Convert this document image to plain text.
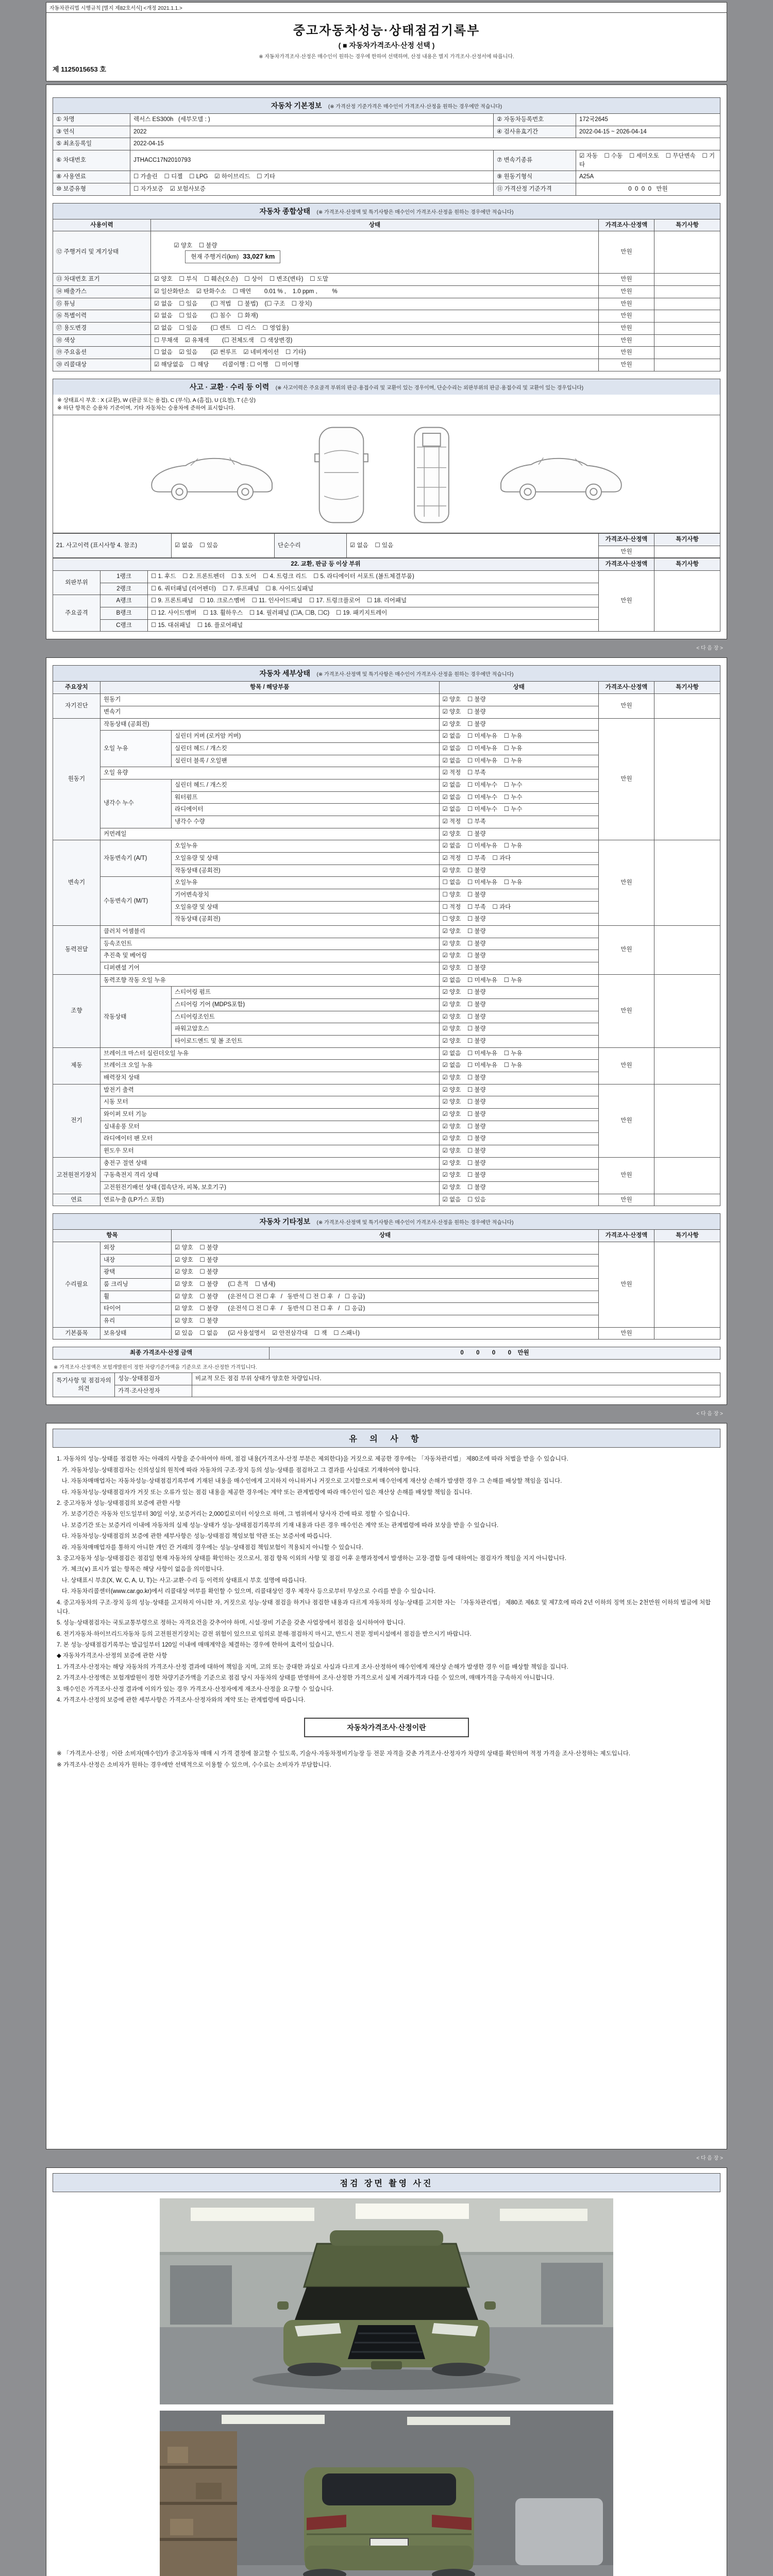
자동차관리법 시행규칙 [별지 제82호서식] <개정 2021.1.1.>
중고자동차성능·상태점검기록부
( ■ 자동차가격조사·산정 선택 )
※ 자동차가격조사·산정은 매수인이 원하는 경우에 한하여 선택하며, 산정 내용은 별지 가격조사·산정서에 따릅니다.
제 1125015653 호
자동차 기본정보 (※ 가격산정 기준가격은 매수인이 가격조사·산정을 원하는 경우에만 적습니다)
① 차명	렉서스 ES300h   (세부모델 : )	② 자동차등록번호	172국2645
③ 연식	2022	④ 검사유효기간	2022-04-15 ~ 2026-04-14
⑤ 최초등록일	2022-04-15		
⑥ 차대번호	JTHACC17N2010793	⑦ 변속기종류	☑ 자동    ☐ 수동    ☐ 세미오토    ☐ 무단변속    ☐ 기타
⑧ 사용연료	☐ 가솔린    ☐ 디젤    ☐ LPG    ☑ 하이브리드    ☐ 기타	⑨ 원동기형식	A25A
⑩ 보증유형	☐ 자가보증    ☑ 보험사보증	⑪ 가격산정 기준가격	0  0  0  0   만원
자동차 종합상태 (※ 가격조사·산정액 및 특기사항은 매수인이 가격조사·산정을 원하는 경우에만 적습니다)
사용이력	상태	가격조사·산정액	특기사항
⑫ 주행거리 및 계기상태	☑ 양호    ☐ 불량
현재 주행거리(km) 33,027 km	만원	
⑬ 차대번호 표기	☑ 양호    ☐ 부식    ☐ 훼손(오손)    ☐ 상이    ☐ 변조(변타)    ☐ 도말	만원	
⑭ 배출가스	☑ 일산화탄소    ☑ 탄화수소    ☐ 매연        0.01 % ,    1.0 ppm ,         %	만원	
⑮ 튜닝	☑ 없음    ☐ 있음        (☐ 적법    ☐ 불법)    (☐ 구조    ☐ 장치)	만원	
⑯ 특별이력	☑ 없음    ☐ 있음        (☐ 침수    ☐ 화재)	만원	
⑰ 용도변경	☑ 없음    ☐ 있음        (☐ 렌트    ☐ 리스    ☐ 영업용)	만원	
⑱ 색상	☐ 무채색    ☑ 유채색        (☐ 전체도색    ☐ 색상변경)	만원	
⑲ 주요옵션	☐ 없음    ☑ 있음        (☑ 썬루프    ☑ 네비게이션    ☐ 기타)	만원	
⑳ 리콜대상	☑ 해당없음    ☐ 해당        리콜이행 : ☐ 이행    ☐ 미이행	만원	
사고 · 교환 · 수리 등 이력 (※ 사고이력은 주요골격 부위의 판금·용접수리 및 교환이 있는 경우이며, 단순수리는 외판부위의 판금·용접수리 및 교환이 있는 경우입니다)
※ 상태표시 부호 : X (교환), W (판금 또는 용접), C (부식), A (흠집), U (요철), T (손상)
※ 하단 항목은 승용차 기준이며, 기타 자동차는 승용차에 준하여 표시합니다.
21. 사고이력 (표시사항 4. 참조)	☑ 없음    ☐ 있음	단순수리	☑ 없음    ☐ 있음	가격조사·산정액	특기사항
				만원	
22. 교환, 판금 등 이상 부위			가격조사·산정액	특기사항
외판부위	1랭크	☐ 1. 후드    ☐ 2. 프론트펜더    ☐ 3. 도어    ☐ 4. 트렁크 리드    ☐ 5. 라디에이터 서포트 (볼트체결부품)	만원	
	2랭크	☐ 6. 쿼터패널 (리어펜더)    ☐ 7. 루프패널    ☐ 8. 사이드실패널		
주요골격	A랭크	☐ 9. 프론트패널    ☐ 10. 크로스멤버    ☐ 11. 인사이드패널    ☐ 17. 트렁크플로어    ☐ 18. 리어패널		
	B랭크	☐ 12. 사이드멤버    ☐ 13. 휠하우스    ☐ 14. 필러패널 (☐A, ☐B, ☐C)    ☐ 19. 패키지트레이		
	C랭크	☐ 15. 대쉬패널    ☐ 16. 플로어패널		
< 다 음 장 >
자동차 세부상태 (※ 가격조사·산정액 및 특기사항은 매수인이 가격조사·산정을 원하는 경우에만 적습니다)
주요장치	항목 / 해당부품		상태	가격조사·산정액	특기사항
자기진단	원동기		☑ 양호    ☐ 불량	만원	
	변속기		☑ 양호    ☐ 불량		
원동기	작동상태 (공회전)		☑ 양호    ☐ 불량	만원	
	오일 누유	실린더 커버 (로커암 커버)	☑ 없음    ☐ 미세누유    ☐ 누유		
		실린더 헤드 / 개스킷	☑ 없음    ☐ 미세누유    ☐ 누유		
		실린더 블록 / 오일팬	☑ 없음    ☐ 미세누유    ☐ 누유		
	오일 유량		☑ 적정    ☐ 부족		
	냉각수 누수	실린더 헤드 / 개스킷	☑ 없음    ☐ 미세누수    ☐ 누수		
		워터펌프	☑ 없음    ☐ 미세누수    ☐ 누수		
		라디에이터	☑ 없음    ☐ 미세누수    ☐ 누수		
		냉각수 수량	☑ 적정    ☐ 부족		
	커먼레일		☑ 양호    ☐ 불량		
변속기	자동변속기 (A/T)	오일누유	☑ 없음    ☐ 미세누유    ☐ 누유	만원	
		오일유량 및 상태	☑ 적정    ☐ 부족    ☐ 과다		
		작동상태 (공회전)	☑ 양호    ☐ 불량		
	수동변속기 (M/T)	오일누유	☐ 없음    ☐ 미세누유    ☐ 누유		
		기어변속장치	☐ 양호    ☐ 불량		
		오일유량 및 상태	☐ 적정    ☐ 부족    ☐ 과다		
		작동상태 (공회전)	☐ 양호    ☐ 불량		
동력전달	클러치 어셈블리		☑ 양호    ☐ 불량	만원	
	등속조인트		☑ 양호    ☐ 불량		
	추진축 및 베어링		☑ 양호    ☐ 불량		
	디퍼렌셜 기어		☑ 양호    ☐ 불량		
조향	동력조향 작동 오일 누유		☑ 없음    ☐ 미세누유    ☐ 누유	만원	
	작동상태	스티어링 펌프	☑ 양호    ☐ 불량		
		스티어링 기어 (MDPS포함)	☑ 양호    ☐ 불량		
		스티어링조인트	☑ 양호    ☐ 불량		
		파워고압호스	☑ 양호    ☐ 불량		
		타이로드엔드 및 볼 조인트	☑ 양호    ☐ 불량		
제동	브레이크 마스터 실린더오일 누유		☑ 없음    ☐ 미세누유    ☐ 누유	만원	
	브레이크 오일 누유		☑ 없음    ☐ 미세누유    ☐ 누유		
	배력장치 상태		☑ 양호    ☐ 불량		
전기	발전기 출력		☑ 양호    ☐ 불량	만원	
	시동 모터		☑ 양호    ☐ 불량		
	와이퍼 모터 기능		☑ 양호    ☐ 불량		
	실내송풍 모터		☑ 양호    ☐ 불량		
	라디에이터 팬 모터		☑ 양호    ☐ 불량		
	윈도우 모터		☑ 양호    ☐ 불량		
고전원전기장치	충전구 절연 상태		☑ 양호    ☐ 불량	만원	
	구동축전지 격리 상태		☑ 양호    ☐ 불량		
	고전원전기배선 상태 (접속단자, 피복, 보호기구)		☑ 양호    ☐ 불량		
연료	연료누출 (LP가스 포함)		☑ 없음    ☐ 있음	만원	
자동차 기타정보 (※ 가격조사·산정액 및 특기사항은 매수인이 가격조사·산정을 원하는 경우에만 적습니다)
항목		상태	가격조사·산정액	특기사항
수리필요	외장	☑ 양호    ☐ 불량	만원	
	내장	☑ 양호    ☐ 불량		
	광택	☑ 양호    ☐ 불량		
	룸 크리닝	☑ 양호    ☐ 불량      (☐ 흔적    ☐ 냄새)		
	휠	☑ 양호    ☐ 불량      (운전석 ☐ 전 ☐ 후   /   동반석 ☐ 전 ☐ 후   /   ☐ 응급)		
	타이어	☑ 양호    ☐ 불량      (운전석 ☐ 전 ☐ 후   /   동반석 ☐ 전 ☐ 후   /   ☐ 응급)		
	유리	☑ 양호    ☐ 불량		
기본품목	보유상태	☑ 있음    ☐ 없음      (☑ 사용설명서    ☑ 안전삼각대    ☐ 잭    ☐ 스패너)	만원	
최종 가격조사·산정 금액	0  0  0  0 만원
※ 가격조사·산정액은 보험개발원이 정한 차량기준가액을 기준으로 조사·산정한 가격입니다.
특기사항 및 점검자의 의견	성능·상태점검자	비교적 모든 점검 부위 상태가 양호한 차량입니다.
	가격·조사산정자	
< 다 음 장 >
유 의 사 항

1. 자동차의 성능·상태를 점검한 자는 아래의 사항을 준수하여야 하며, 점검 내용(가격조사·산정 부분은 제외한다)을 거짓으로 제공한 경우에는 「자동차관리법」 제80조에 따라 처벌을 받을 수 있습니다.

가. 자동차성능·상태점검자는 신의성실의 원칙에 따라 자동차의 구조·장치 등의 성능·상태를 점검하고 그 결과를 사실대로 기재하여야 합니다.

나. 자동차매매업자는 자동차성능·상태점검기록부에 기재된 내용을 매수인에게 고지하지 아니하거나 거짓으로 고지함으로써 매수인에게 재산상 손해가 발생한 경우 그 손해를 배상할 책임을 집니다.

다. 자동차성능·상태점검자가 거짓 또는 오류가 있는 점검 내용을 제공한 경우에는 계약 또는 관계법령에 따라 매수인이 입은 재산상 손해를 배상할 책임을 집니다.

2. 중고자동차 성능·상태점검의 보증에 관한 사항

가. 보증기간은 자동차 인도일부터 30일 이상, 보증거리는 2,000킬로미터 이상으로 하며, 그 범위에서 당사자 간에 따로 정할 수 있습니다.

나. 보증기간 또는 보증거리 이내에 자동차의 실제 성능·상태가 성능·상태점검기록부의 기재 내용과 다른 경우 매수인은 계약 또는 관계법령에 따라 보상을 받을 수 있습니다.

다. 자동차성능·상태점검의 보증에 관한 세부사항은 성능·상태점검 책임보험 약관 또는 보증서에 따릅니다.

라. 자동차매매업자를 통하지 아니한 개인 간 거래의 경우에는 성능·상태점검 책임보험이 적용되지 아니할 수 있습니다.

3. 중고자동차 성능·상태점검은 점검일 현재 자동차의 상태를 확인하는 것으로서, 점검 항목 이외의 사항 및 점검 이후 운행과정에서 발생하는 고장·결함 등에 대하여는 점검자가 책임을 지지 아니합니다.

가. 체크(∨) 표시가 없는 항목은 해당 사항이 없음을 의미합니다.

나. 상태표시 부호(X, W, C, A, U, T)는 사고·교환·수리 등 이력의 상태표시 부호 설명에 따릅니다.

다. 자동차리콜센터(www.car.go.kr)에서 리콜대상 여부를 확인할 수 있으며, 리콜대상인 경우 제작사 등으로부터 무상으로 수리를 받을 수 있습니다.

4. 중고자동차의 구조·장치 등의 성능·상태를 고지하지 아니한 자, 거짓으로 성능·상태 점검을 하거나 점검한 내용과 다르게 자동차의 성능·상태를 고지한 자는 「자동차관리법」 제80조 제6호 및 제7호에 따라 2년 이하의 징역 또는 2천만원 이하의 벌금에 처합니다.

5. 성능·상태점검자는 국토교통부령으로 정하는 자격요건을 갖추어야 하며, 시설·장비 기준을 갖춘 사업장에서 점검을 실시하여야 합니다.

6. 전기자동차·하이브리드자동차 등의 고전원전기장치는 감전 위험이 있으므로 임의로 분해·점검하지 마시고, 반드시 전문 정비시설에서 점검을 받으시기 바랍니다.

7. 본 성능·상태점검기록부는 발급일부터 120일 이내에 매매계약을 체결하는 경우에 한하여 효력이 있습니다.

◆ 자동차가격조사·산정의 보증에 관한 사항

1. 가격조사·산정자는 해당 자동차의 가격조사·산정 결과에 대하여 책임을 지며, 고의 또는 중대한 과실로 사실과 다르게 조사·산정하여 매수인에게 재산상 손해가 발생한 경우 이를 배상할 책임을 집니다.

2. 가격조사·산정액은 보험개발원이 정한 차량기준가액을 기준으로 점검 당시 자동차의 상태를 반영하여 조사·산정한 가격으로서 실제 거래가격과 다를 수 있으며, 매매가격을 구속하지 아니합니다.

3. 매수인은 가격조사·산정 결과에 이의가 있는 경우 가격조사·산정자에게 재조사·산정을 요구할 수 있습니다.

4. 가격조사·산정의 보증에 관한 세부사항은 가격조사·산정자와의 계약 또는 관계법령에 따릅니다.

자동차가격조사·산정이란

※ 「가격조사·산정」이란 소비자(매수인)가 중고자동차 매매 시 가격 결정에 참고할 수 있도록, 기술사·자동차정비기능장 등 전문 자격을 갖춘 가격조사·산정자가 차량의 상태를 확인하여 적정 가격을 조사·산정하는 제도입니다.

※ 가격조사·산정은 소비자가 원하는 경우에만 선택적으로 이용할 수 있으며, 수수료는 소비자가 부담합니다.

< 다 음 장 >
점검 장면 촬영 사진
